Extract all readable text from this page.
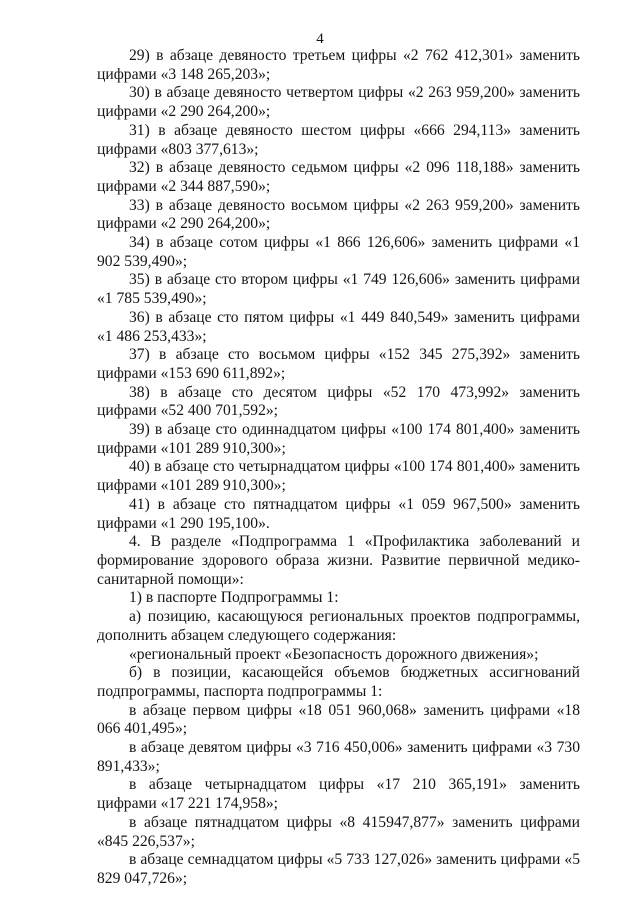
4

29) в абзаце девяносто третьем цифры «2 762 412,301» заменить цифрами «3 148 265,203»;

30) в абзаце девяносто четвертом цифры «2 263 959,200» заменить цифрами «2 290 264,200»;

31) в абзаце девяносто шестом цифры «666 294,113» заменить цифрами «803 377,613»;

32) в абзаце девяносто седьмом цифры «2 096 118,188» заменить цифрами «2 344 887,590»;

33) в абзаце девяносто восьмом цифры «2 263 959,200» заменить цифрами «2 290 264,200»;

34) в абзаце сотом цифры «1 866 126,606» заменить цифрами «1 902 539,490»;

35) в абзаце сто втором цифры «1 749 126,606» заменить цифрами «1 785 539,490»;

36) в абзаце сто пятом цифры «1 449 840,549» заменить цифрами «1 486 253,433»;

37) в абзаце сто восьмом цифры «152 345 275,392» заменить цифрами «153 690 611,892»;

38) в абзаце сто десятом цифры «52 170 473,992» заменить цифрами «52 400 701,592»;

39) в абзаце сто одиннадцатом цифры «100 174 801,400» заменить цифрами «101 289 910,300»;

40) в абзаце сто четырнадцатом цифры «100 174 801,400» заменить цифрами «101 289 910,300»;

41) в абзаце сто пятнадцатом цифры «1 059 967,500» заменить цифрами «1 290 195,100».

4. В разделе «Подпрограмма 1 «Профилактика заболеваний и формирование здорового образа жизни. Развитие первичной медико-санитарной помощи»:

1) в паспорте Подпрограммы 1:

а) позицию, касающуюся региональных проектов подпрограммы, дополнить абзацем следующего содержания:

«региональный проект «Безопасность дорожного движения»;

б) в позиции, касающейся объемов бюджетных ассигнований подпрограммы, паспорта подпрограммы 1:

в абзаце первом цифры «18 051 960,068» заменить цифрами «18 066 401,495»;

в абзаце девятом цифры «3 716 450,006» заменить цифрами «3 730 891,433»;

в абзаце четырнадцатом цифры «17 210 365,191» заменить цифрами «17 221 174,958»;

в абзаце пятнадцатом цифры «8 415947,877» заменить цифрами «845 226,537»;

в абзаце семнадцатом цифры «5 733 127,026» заменить цифрами «5 829 047,726»;
